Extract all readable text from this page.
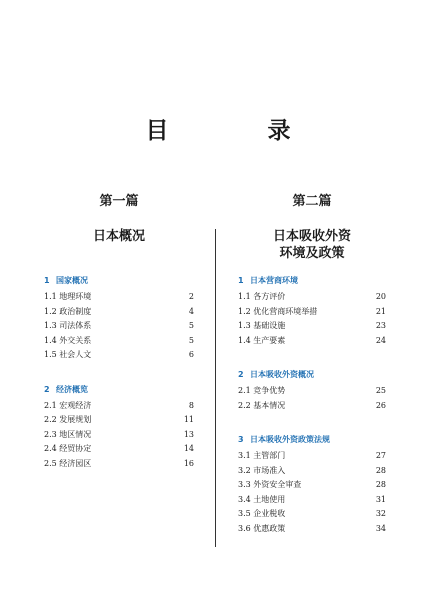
目　录
第一篇
日本概况
1 国家概况
1.1 地理环境	2
1.2 政治制度	4
1.3 司法体系	5
1.4 外交关系	5
1.5 社会人文	6
2 经济概览
2.1 宏观经济	8
2.2 发展规划	11
2.3 地区情况	13
2.4 经贸协定	14
2.5 经济园区	16
第二篇
日本吸收外资
环境及政策
1 日本营商环境
1.1 各方评价	20
1.2 优化营商环境举措	21
1.3 基础设施	23
1.4 生产要素	24
2 日本吸收外资概况
2.1 竞争优势	25
2.2 基本情况	26
3 日本吸收外资政策法规
3.1 主管部门	27
3.2 市场准入	28
3.3 外资安全审查	28
3.4 土地使用	31
3.5 企业税收	32
3.6 优惠政策	34
